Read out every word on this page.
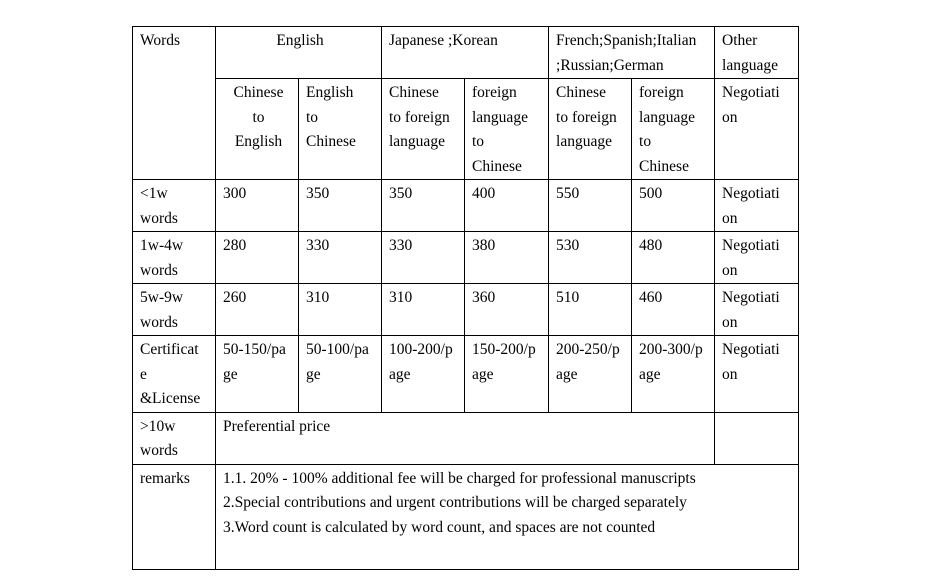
Words	English		Japanese ;Korean		French;Spanish;Italian
;Russian;German		Other
language
	Chinese
to
English	English
to
Chinese	Chinese
to foreign
language	foreign
language
to
Chinese	Chinese
to foreign
language	foreign
language
to
Chinese	Negotiati
on
<1w
words	300	350	350	400	550	500	Negotiati
on
1w-4w
words	280	330	330	380	530	480	Negotiati
on
5w-9w
words	260	310	310	360	510	460	Negotiati
on
Certificat
e
&License	50-150/pa
ge	50-100/pa
ge	100-200/p
age	150-200/p
age	200-250/p
age	200-300/p
age	Negotiati
on
>10w
words	Preferential price						
remarks	1.1. 20% - 100% additional fee will be charged for professional manuscripts
2.Special contributions and urgent contributions will be charged separately
3.Word count is calculated by word count, and spaces are not counted						
